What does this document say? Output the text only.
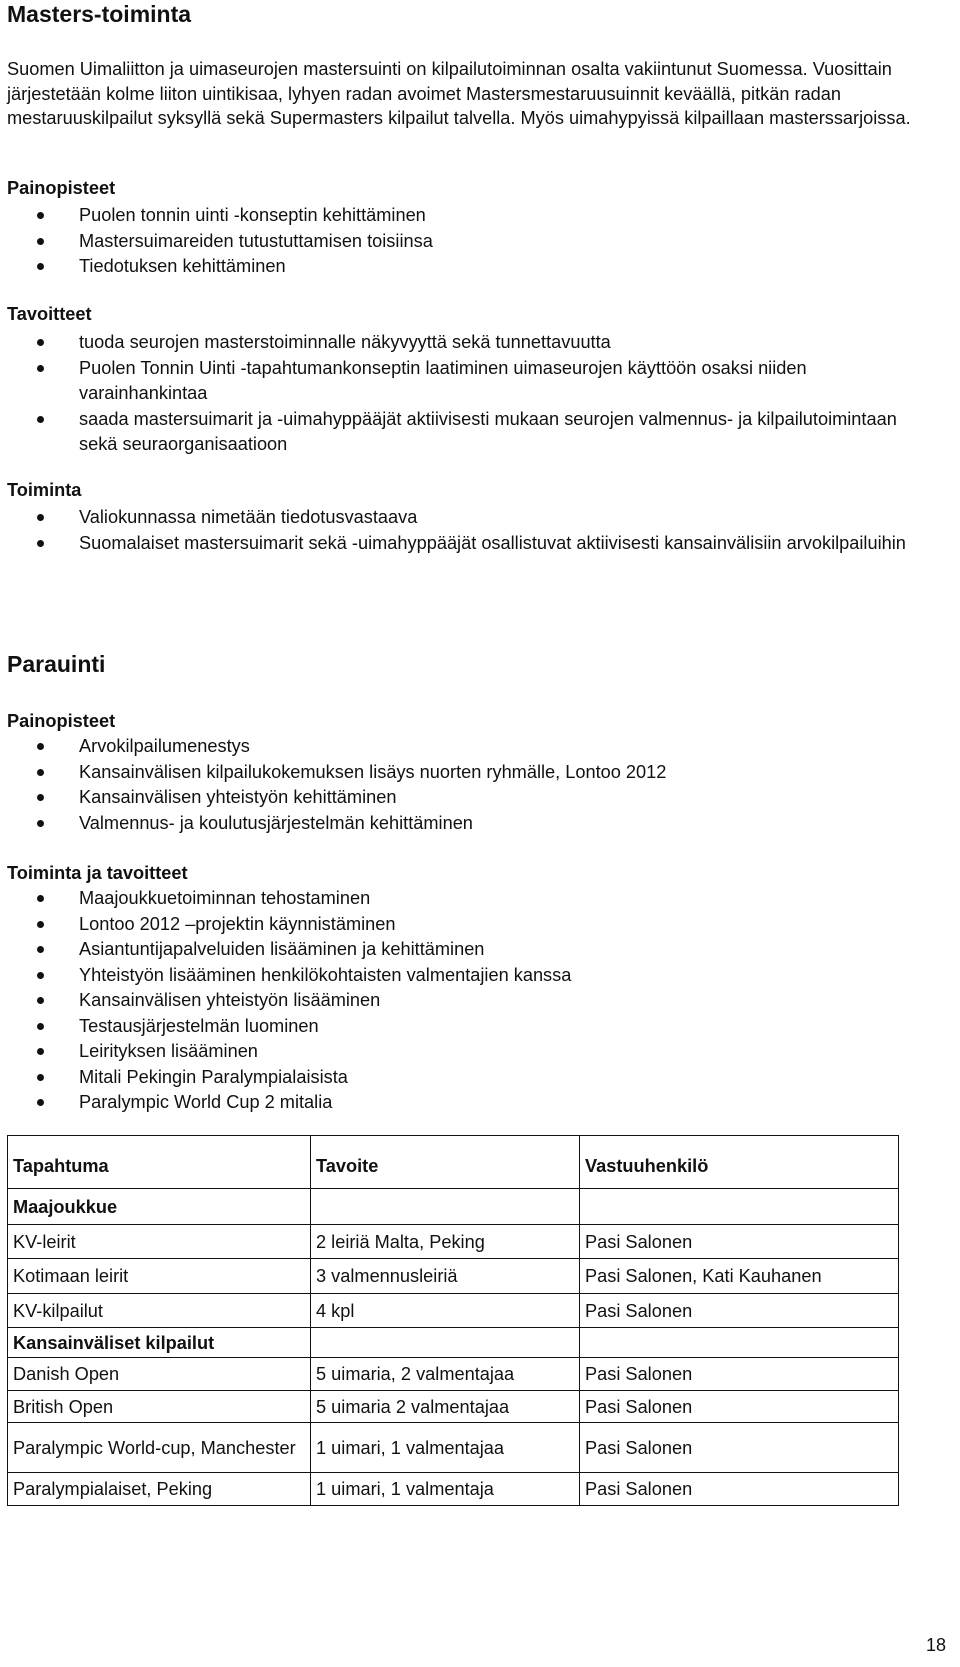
Masters-toiminta

Suomen Uimaliitton ja uimaseurojen mastersuinti on kilpailutoiminnan osalta vakiintunut Suomessa. Vuosittain järjestetään kolme liiton uintikisaa, lyhyen radan avoimet Mastersmestaruusuinnit keväällä, pitkän radan mestaruuskilpailut syksyllä sekä Supermasters kilpailut talvella. Myös uimahypyissä kilpaillaan masterssarjoissa.

Painopisteet
Puolen tonnin uinti -konseptin kehittäminen
Mastersuimareiden tutustuttamisen toisiinsa
Tiedotuksen kehittäminen
Tavoitteet
tuoda seurojen masterstoiminnalle näkyvyyttä sekä tunnettavuutta
Puolen Tonnin Uinti -tapahtumankonseptin laatiminen uimaseurojen käyttöön osaksi niiden varainhankintaa
saada mastersuimarit ja -uimahyppääjät aktiivisesti mukaan seurojen valmennus- ja kilpailutoimintaan sekä seuraorganisaatioon
Toiminta
Valiokunnassa nimetään tiedotusvastaava
Suomalaiset mastersuimarit sekä -uimahyppääjät osallistuvat aktiivisesti kansainvälisiin arvokilpailuihin
Parauinti
Painopisteet
Arvokilpailumenestys
Kansainvälisen kilpailukokemuksen lisäys nuorten ryhmälle, Lontoo 2012
Kansainvälisen yhteistyön kehittäminen
Valmennus- ja koulutusjärjestelmän kehittäminen
Toiminta ja tavoitteet
Maajoukkuetoiminnan tehostaminen
Lontoo 2012 –projektin käynnistäminen
Asiantuntijapalveluiden lisääminen ja kehittäminen
Yhteistyön lisääminen henkilökohtaisten valmentajien kanssa
Kansainvälisen yhteistyön lisääminen
Testausjärjestelmän luominen
Leirityksen lisääminen
Mitali Pekingin Paralympialaisista
Paralympic World Cup 2 mitalia
Tapahtuma	Tavoite	Vastuuhenkilö
Maajoukkue		
KV-leirit	2 leiriä Malta, Peking	Pasi Salonen
Kotimaan leirit	3 valmennusleiriä	Pasi Salonen, Kati Kauhanen
KV-kilpailut	4 kpl	Pasi Salonen
Kansainväliset kilpailut		
Danish Open	5 uimaria, 2 valmentajaa	Pasi Salonen
British Open	5 uimaria 2 valmentajaa	Pasi Salonen
Paralympic World-cup, Manchester	1 uimari, 1 valmentajaa	Pasi Salonen
Paralympialaiset, Peking	1 uimari, 1 valmentaja	Pasi Salonen
18
